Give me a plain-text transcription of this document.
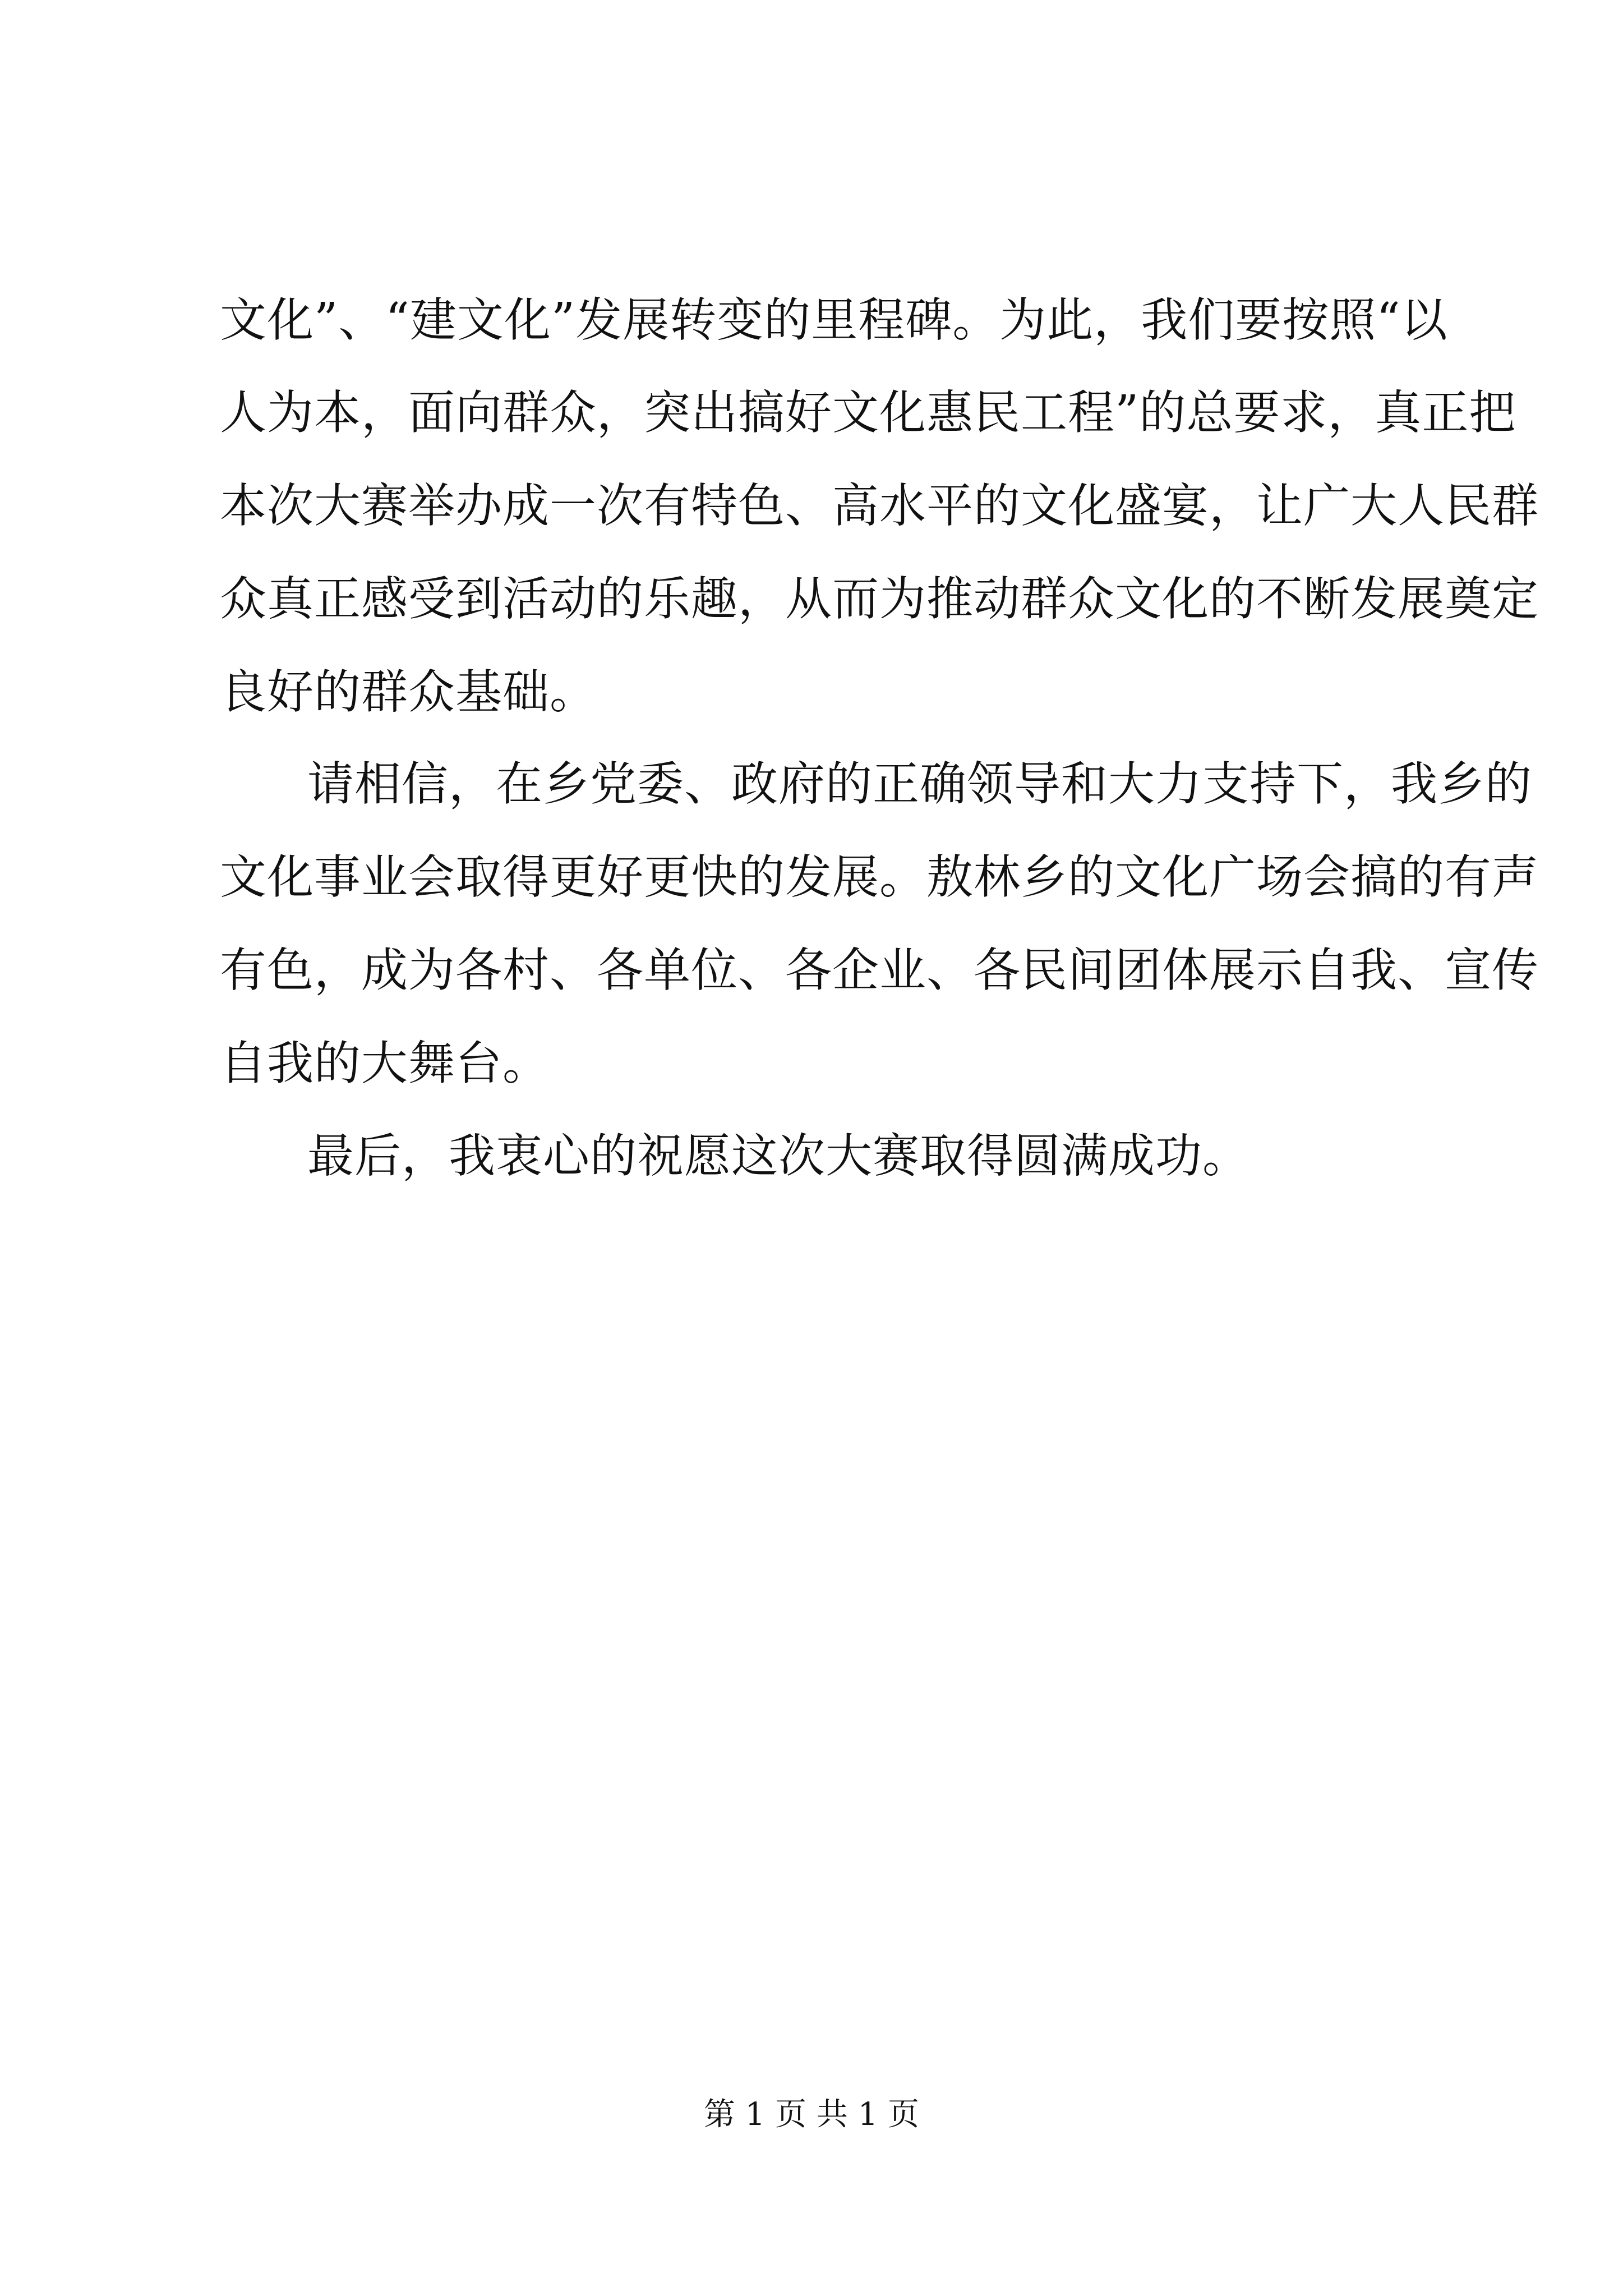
文化”、“建文化”发展转变的里程碑。为此，我们要按照“以
人为本，面向群众，突出搞好文化惠民工程”的总要求，真正把
本次大赛举办成一次有特色、高水平的文化盛宴，让广大人民群
众真正感受到活动的乐趣，从而为推动群众文化的不断发展奠定
良好的群众基础。
请相信，在乡党委、政府的正确领导和大力支持下，我乡的
文化事业会取得更好更快的发展。敖林乡的文化广场会搞的有声
有色，成为各村、各单位、各企业、各民间团体展示自我、宣传
自我的大舞台。
最后，我衷心的祝愿这次大赛取得圆满成功。
第 1 页 共 1 页
